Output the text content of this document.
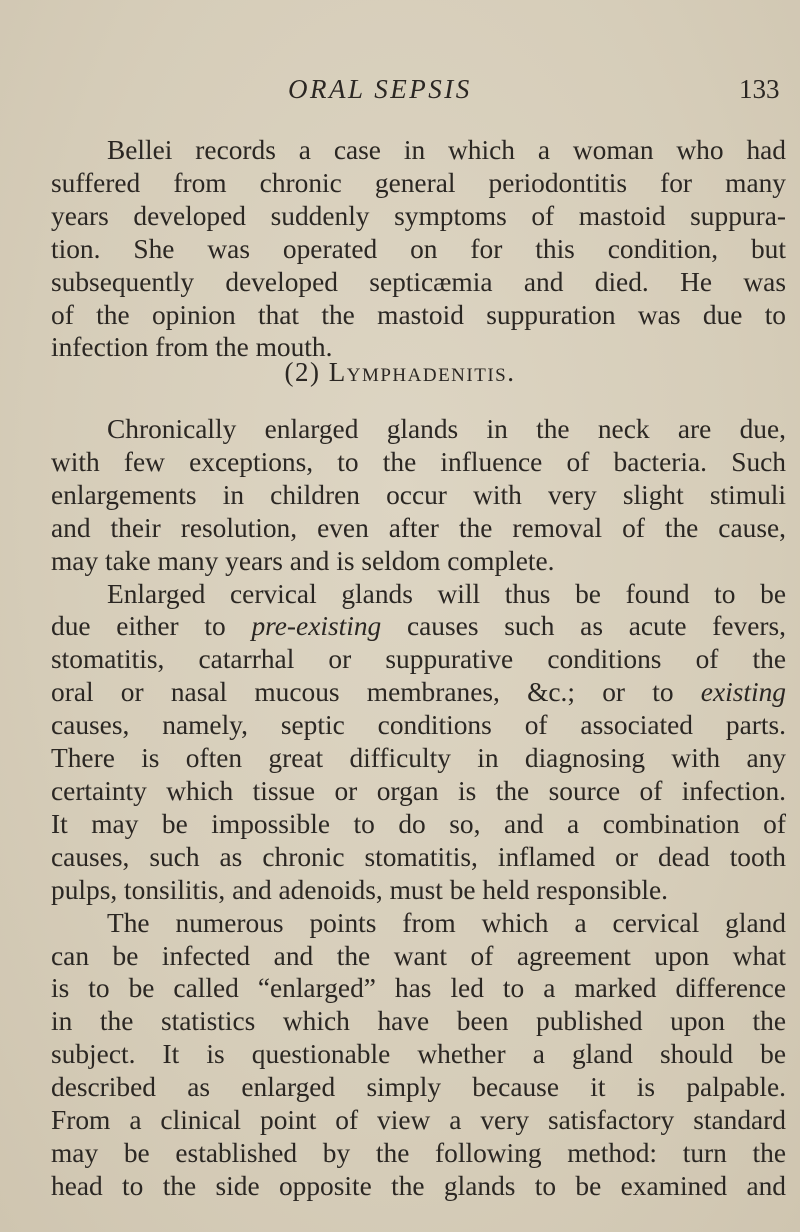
ORAL SEPSIS	133
Bellei records a case in which a woman who had
suffered from chronic general periodontitis for many
years developed suddenly symptoms of mastoid suppura-
tion. She was operated on for this condition, but
subsequently developed septicæmia and died. He was
of the opinion that the mastoid suppuration was due to
infection from the mouth.
(2) Lymphadenitis.
Chronically enlarged glands in the neck are due,
with few exceptions, to the influence of bacteria. Such
enlargements in children occur with very slight stimuli
and their resolution, even after the removal of the cause,
may take many years and is seldom complete.
Enlarged cervical glands will thus be found to be
due either to pre-existing causes such as acute fevers,
stomatitis, catarrhal or suppurative conditions of the
oral or nasal mucous membranes, &c.; or to existing
causes, namely, septic conditions of associated parts.
There is often great difficulty in diagnosing with any
certainty which tissue or organ is the source of infection.
It may be impossible to do so, and a combination of
causes, such as chronic stomatitis, inflamed or dead tooth
pulps, tonsilitis, and adenoids, must be held responsible.
The numerous points from which a cervical gland
can be infected and the want of agreement upon what
is to be called “enlarged” has led to a marked difference
in the statistics which have been published upon the
subject. It is questionable whether a gland should be
described as enlarged simply because it is palpable.
From a clinical point of view a very satisfactory standard
may be established by the following method: turn the
head to the side opposite the glands to be examined and
